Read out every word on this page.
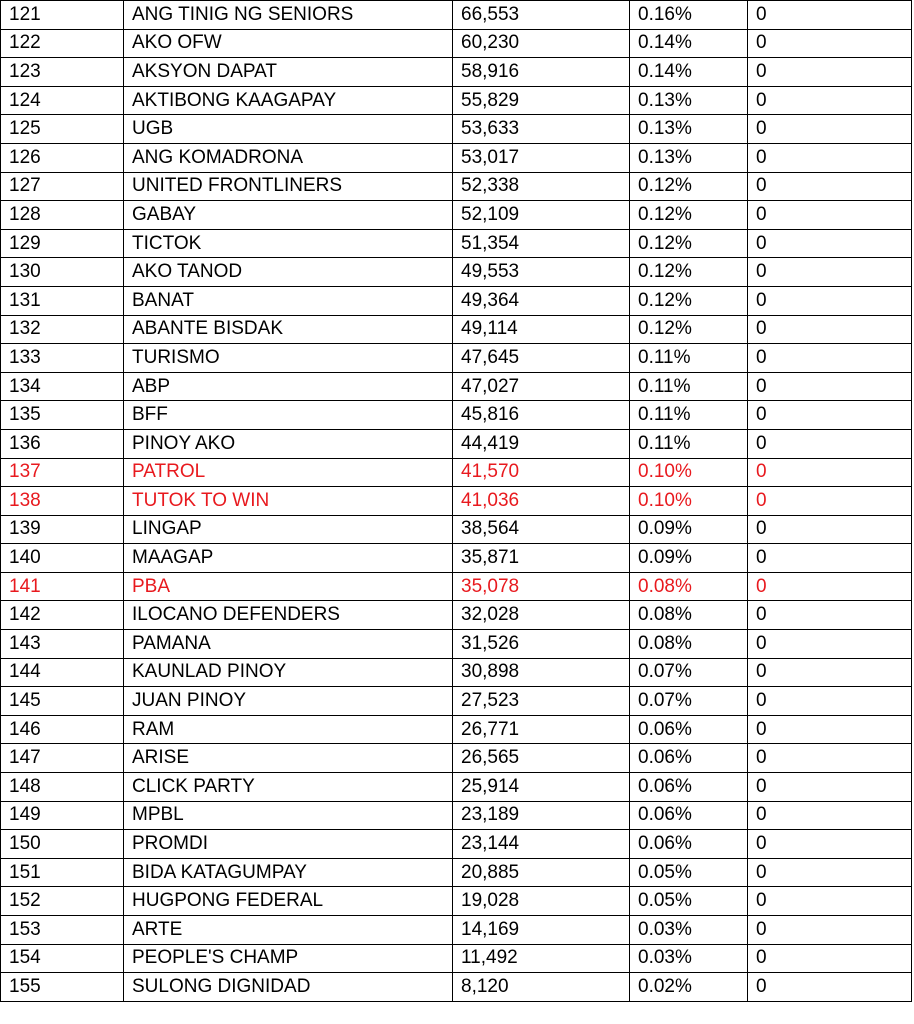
121	ANG TINIG NG SENIORS	66,553	0.16%	0
122	AKO OFW	60,230	0.14%	0
123	AKSYON DAPAT	58,916	0.14%	0
124	AKTIBONG KAAGAPAY	55,829	0.13%	0
125	UGB	53,633	0.13%	0
126	ANG KOMADRONA	53,017	0.13%	0
127	UNITED FRONTLINERS	52,338	0.12%	0
128	GABAY	52,109	0.12%	0
129	TICTOK	51,354	0.12%	0
130	AKO TANOD	49,553	0.12%	0
131	BANAT	49,364	0.12%	0
132	ABANTE BISDAK	49,114	0.12%	0
133	TURISMO	47,645	0.11%	0
134	ABP	47,027	0.11%	0
135	BFF	45,816	0.11%	0
136	PINOY AKO	44,419	0.11%	0
137	PATROL	41,570	0.10%	0
138	TUTOK TO WIN	41,036	0.10%	0
139	LINGAP	38,564	0.09%	0
140	MAAGAP	35,871	0.09%	0
141	PBA	35,078	0.08%	0
142	ILOCANO DEFENDERS	32,028	0.08%	0
143	PAMANA	31,526	0.08%	0
144	KAUNLAD PINOY	30,898	0.07%	0
145	JUAN PINOY	27,523	0.07%	0
146	RAM	26,771	0.06%	0
147	ARISE	26,565	0.06%	0
148	CLICK PARTY	25,914	0.06%	0
149	MPBL	23,189	0.06%	0
150	PROMDI	23,144	0.06%	0
151	BIDA KATAGUMPAY	20,885	0.05%	0
152	HUGPONG FEDERAL	19,028	0.05%	0
153	ARTE	14,169	0.03%	0
154	PEOPLE'S CHAMP	11,492	0.03%	0
155	SULONG DIGNIDAD	8,120	0.02%	0
